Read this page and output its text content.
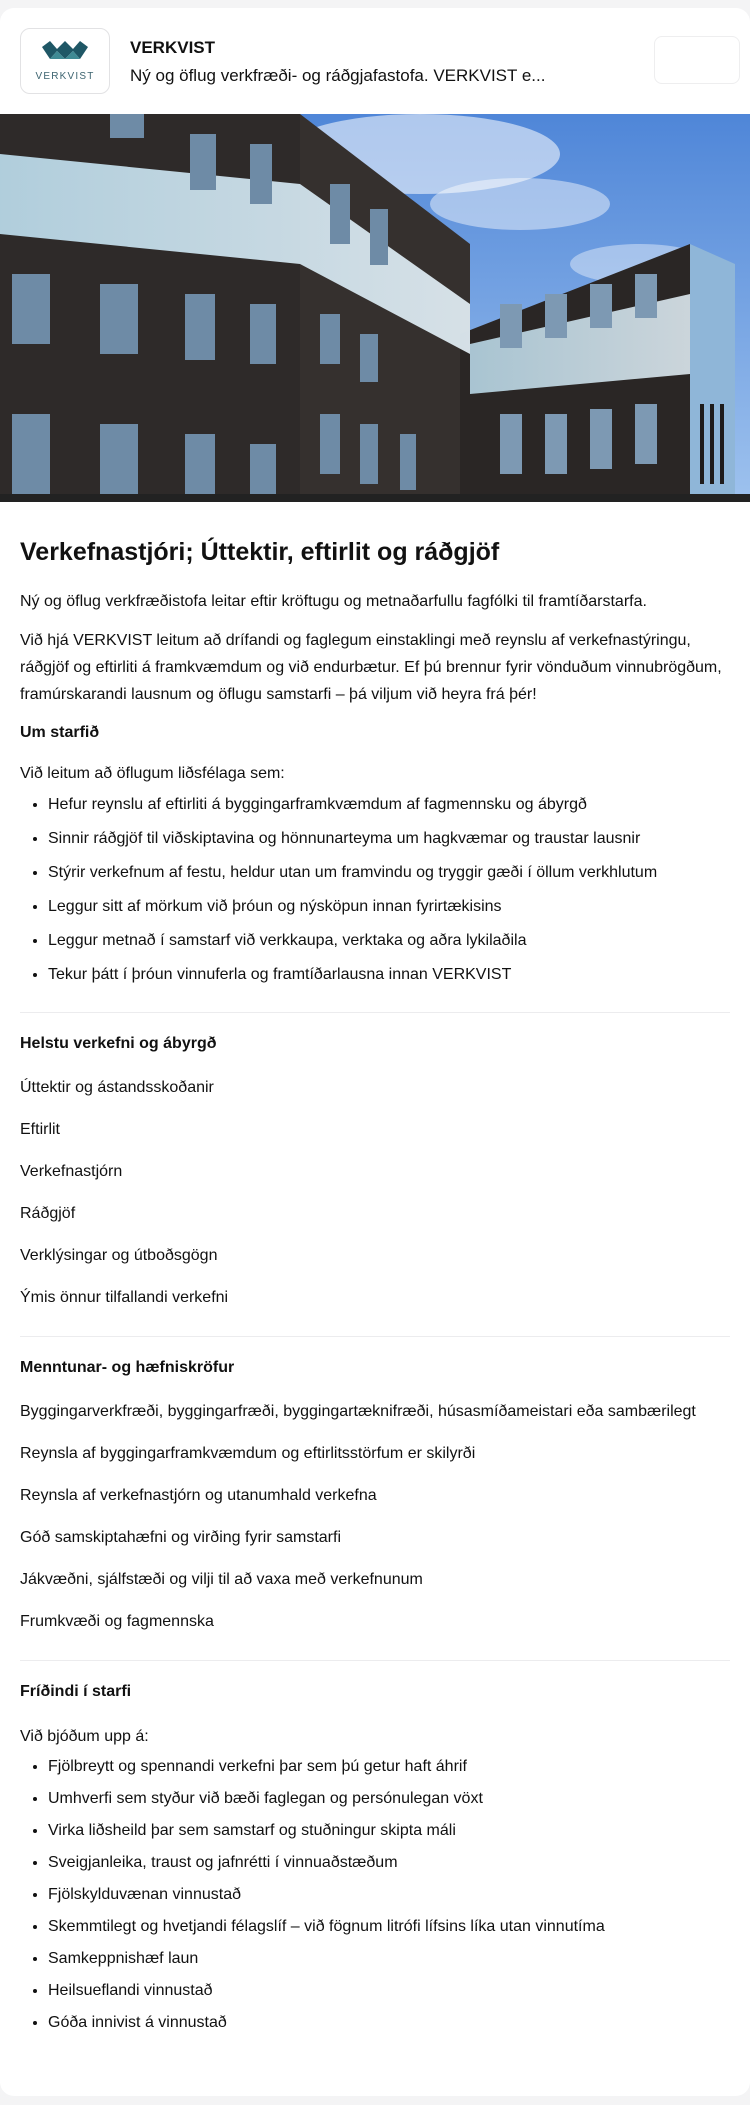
VERKVIST
VERKVIST
Ný og öflug verkfræði- og ráðgjafastofa. VERKVIST e...
Verkefnastjóri; Úttektir, eftirlit og ráðgjöf

Ný og öflug verkfræðistofa leitar eftir kröftugu og metnaðarfullu fagfólki til framtíðarstarfa.

Við hjá VERKVIST leitum að drífandi og faglegum einstaklingi með reynslu af verkefnastýringu, ráðgjöf og eftirliti á framkvæmdum og við endurbætur. Ef þú brennur fyrir vönduðum vinnubrögðum, framúrskarandi lausnum og öflugu samstarfi – þá viljum við heyra frá þér!

Um starfið

Við leitum að öflugum liðsfélaga sem:

• Hefur reynslu af eftirliti á byggingarframkvæmdum af fagmennsku og ábyrgð
• Sinnir ráðgjöf til viðskiptavina og hönnunarteyma um hagkvæmar og traustar lausnir
• Stýrir verkefnum af festu, heldur utan um framvindu og tryggir gæði í öllum verkhlutum
• Leggur sitt af mörkum við þróun og nýsköpun innan fyrirtækisins
• Leggur metnað í samstarf við verkkaupa, verktaka og aðra lykilaðila
• Tekur þátt í þróun vinnuferla og framtíðarlausna innan VERKVIST
Helstu verkefni og ábyrgð
Úttektir og ástandsskoðanir
Eftirlit
Verkefnastjórn
Ráðgjöf
Verklýsingar og útboðsgögn
Ýmis önnur tilfallandi verkefni
Menntunar- og hæfniskröfur
Byggingarverkfræði, byggingarfræði, byggingartæknifræði, húsasmíðameistari eða sambærilegt
Reynsla af byggingarframkvæmdum og eftirlitsstörfum er skilyrði
Reynsla af verkefnastjórn og utanumhald verkefna
Góð samskiptahæfni og virðing fyrir samstarfi
Jákvæðni, sjálfstæði og vilji til að vaxa með verkefnunum
Frumkvæði og fagmennska
Fríðindi í starfi

Við bjóðum upp á:

• Fjölbreytt og spennandi verkefni þar sem þú getur haft áhrif
• Umhverfi sem styður við bæði faglegan og persónulegan vöxt
• Virka liðsheild þar sem samstarf og stuðningur skipta máli
• Sveigjanleika, traust og jafnrétti í vinnuaðstæðum
• Fjölskylduvænan vinnustað
• Skemmtilegt og hvetjandi félagslíf – við fögnum litrófi lífsins líka utan vinnutíma
• Samkeppnishæf laun
• Heilsueflandi vinnustað
• Góða innivist á vinnustað
